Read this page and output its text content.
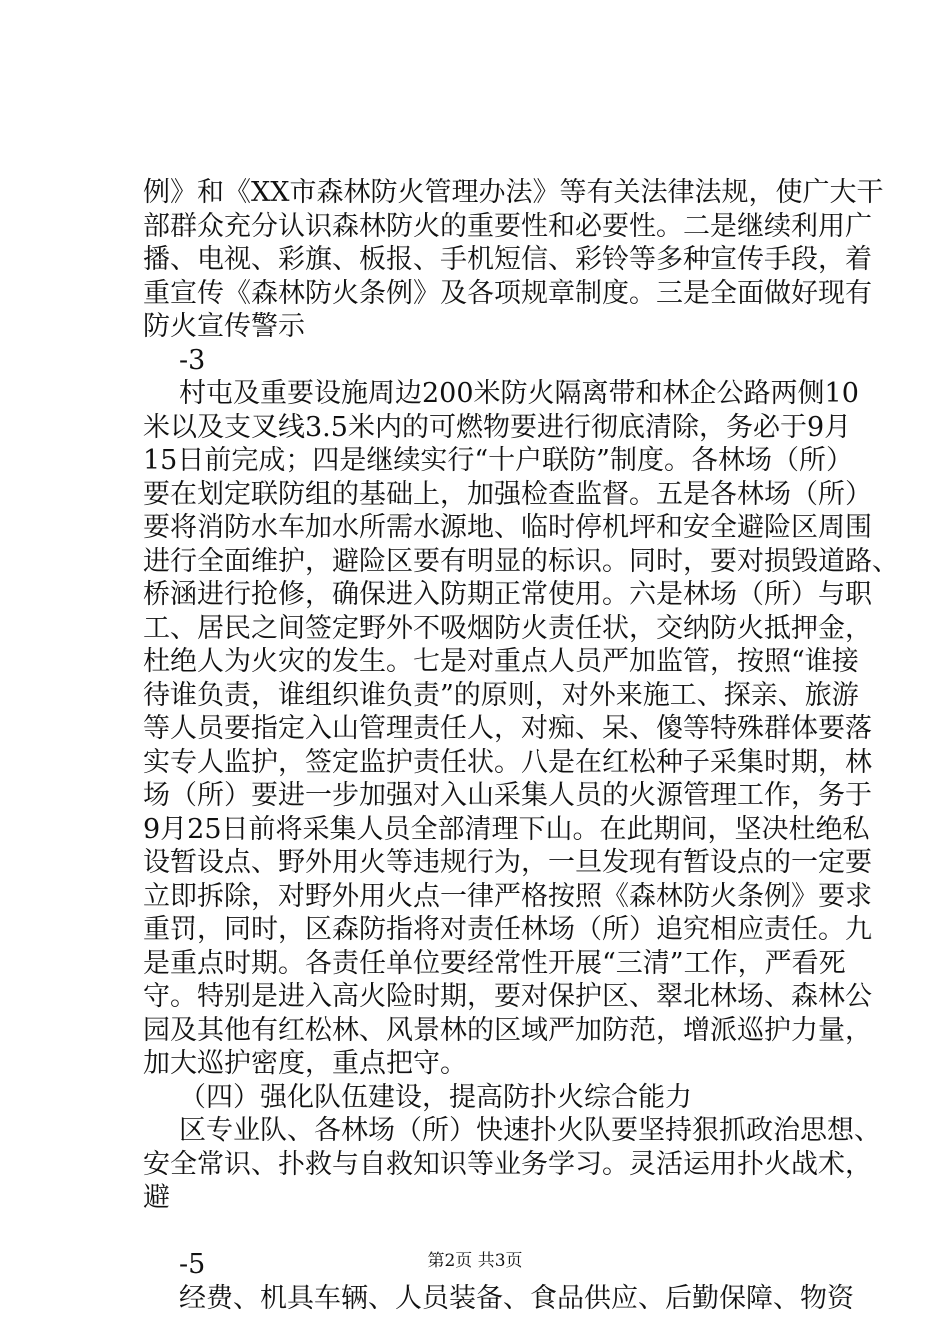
例》和《XX市森林防火管理办法》等有关法律法规，使广大干
部群众充分认识森林防火的重要性和必要性。二是继续利用广
播、电视、彩旗、板报、手机短信、彩铃等多种宣传手段，着
重宣传《森林防火条例》及各项规章制度。三是全面做好现有
防火宣传警示
-3
村屯及重要设施周边200米防火隔离带和林企公路两侧10
米以及支叉线3.5米内的可燃物要进行彻底清除，务必于9月
15日前完成；四是继续实行“十户联防”制度。各林场（所）
要在划定联防组的基础上，加强检查监督。五是各林场（所）
要将消防水车加水所需水源地、临时停机坪和安全避险区周围
进行全面维护，避险区要有明显的标识。同时，要对损毁道路、
桥涵进行抢修，确保进入防期正常使用。六是林场（所）与职
工、居民之间签定野外不吸烟防火责任状，交纳防火抵押金，
杜绝人为火灾的发生。七是对重点人员严加监管，按照“谁接
待谁负责，谁组织谁负责”的原则，对外来施工、探亲、旅游
等人员要指定入山管理责任人，对痴、呆、傻等特殊群体要落
实专人监护，签定监护责任状。八是在红松种子采集时期，林
场（所）要进一步加强对入山采集人员的火源管理工作，务于
9月25日前将采集人员全部清理下山。在此期间，坚决杜绝私
设暂设点、野外用火等违规行为，一旦发现有暂设点的一定要
立即拆除，对野外用火点一律严格按照《森林防火条例》要求
重罚，同时，区森防指将对责任林场（所）追究相应责任。九
是重点时期。各责任单位要经常性开展“三清”工作，严看死
守。特别是进入高火险时期，要对保护区、翠北林场、森林公
园及其他有红松林、风景林的区域严加防范，增派巡护力量，
加大巡护密度，重点把守。
（四）强化队伍建设，提高防扑火综合能力
区专业队、各林场（所）快速扑火队要坚持狠抓政治思想、
安全常识、扑救与自救知识等业务学习。灵活运用扑火战术，
避
-5
经费、机具车辆、人员装备、食品供应、后勤保障、物资
第2页 共3页
